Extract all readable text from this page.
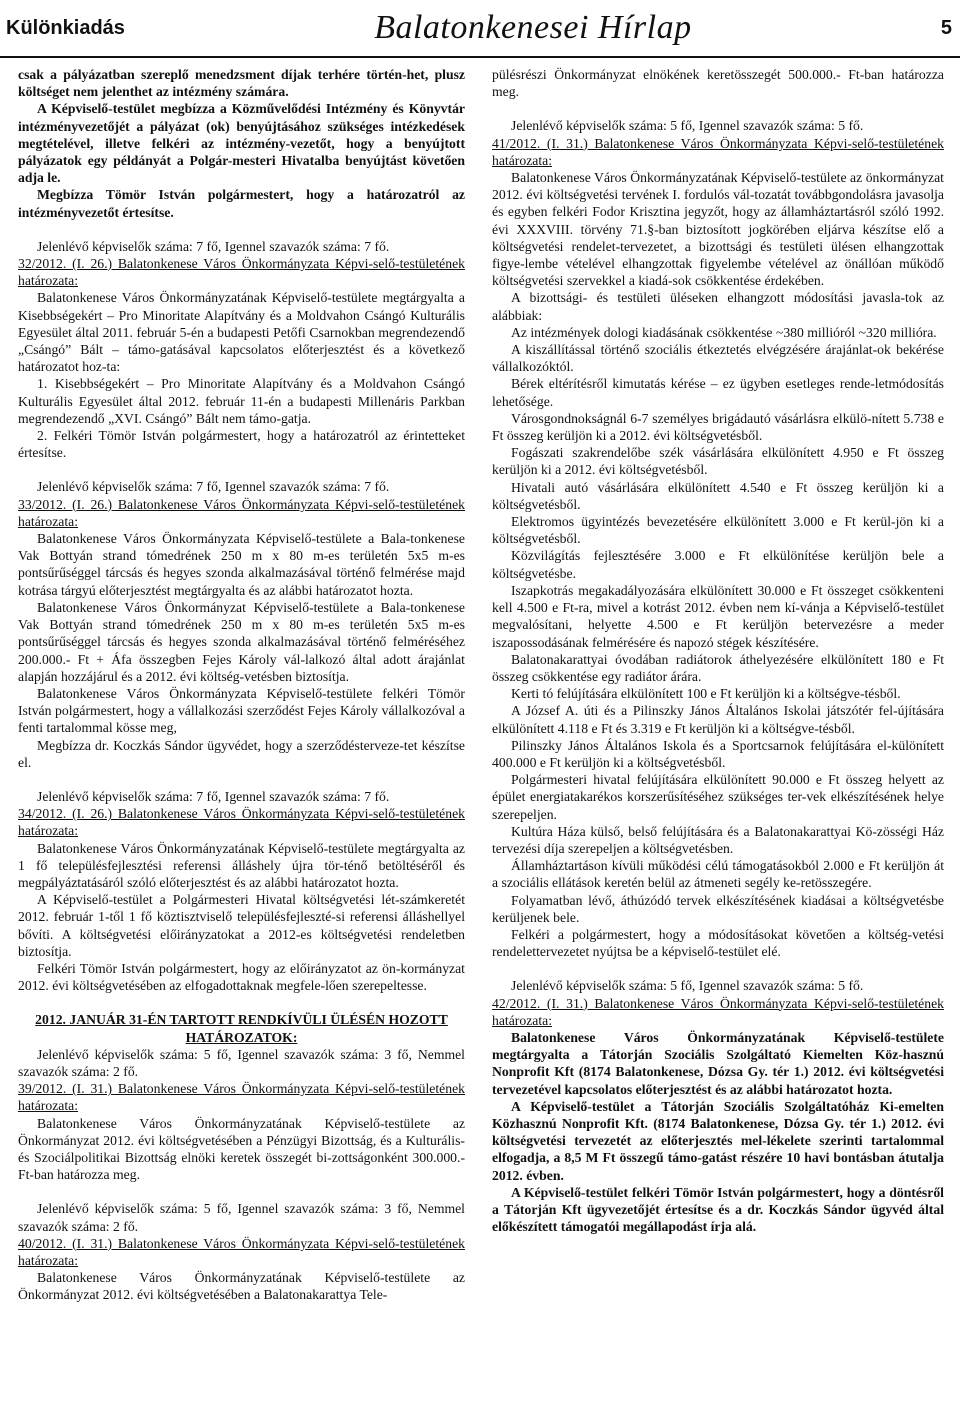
Különkiadás	Balatonkenesei Hírlap	5

csak a pályázatban szereplő menedzsment díjak terhére történ-het, plusz költséget nem jelenthet az intézmény számára.

A Képviselő-testület megbízza a Közművelődési Intézmény és Könyvtár intézményvezetőjét a pályázat (ok) benyújtásához szükséges intézkedések megtételével, illetve felkéri az intézmény-vezetőt, hogy a benyújtott pályázatok egy példányát a Polgár-mesteri Hivatalba benyújtást követően adja le.

Megbízza Tömör István polgármestert, hogy a határozatról az intézményvezetőt értesítse.

Jelenlévő képviselők száma: 7 fő, Igennel szavazók száma: 7 fő.

32/2012. (I. 26.) Balatonkenese Város Önkormányzata Képvi-selő-testületének határozata:

Balatonkenese Város Önkormányzatának Képviselő-testülete megtárgyalta a Kisebbségekért – Pro Minoritate Alapítvány és a Moldvahon Csángó Kulturális Egyesület által 2011. február 5-én a budapesti Petőfi Csarnokban megrendezendő „Csángó” Bált – támo-gatásával kapcsolatos előterjesztést és a következő határozatot hoz-ta:

1. Kisebbségekért – Pro Minoritate Alapítvány és a Moldvahon Csángó Kulturális Egyesület által 2012. február 11-én a budapesti Millenáris Parkban megrendezendő „XVI. Csángó” Bált nem támo-gatja.

2. Felkéri Tömör István polgármestert, hogy a határozatról az érintetteket értesítse.

Jelenlévő képviselők száma: 7 fő, Igennel szavazók száma: 7 fő.

33/2012. (I. 26.) Balatonkenese Város Önkormányzata Képvi-selő-testületének határozata:

Balatonkenese Város Önkormányzata Képviselő-testülete a Bala-tonkenese Vak Bottyán strand tómedrének 250 m x 80 m-es területén 5x5 m-es pontsűrűséggel tárcsás és hegyes szonda alkalmazásával történő felmérése majd kotrása tárgyú előterjesztést megtárgyalta és az alábbi határozatot hozta.

Balatonkenese Város Önkormányzat Képviselő-testülete a Bala-tonkenese Vak Bottyán strand tómedrének 250 m x 80 m-es területén 5x5 m-es pontsűrűséggel tárcsás és hegyes szonda alkalmazásával történő felméréséhez 200.000.- Ft + Áfa összegben Fejes Károly vál-lalkozó által adott árajánlat alapján hozzájárul és a 2012. évi költség-vetésben biztosítja.

Balatonkenese Város Önkormányzata Képviselő-testülete felkéri Tömör István polgármestert, hogy a vállalkozási szerződést Fejes Károly vállalkozóval a fenti tartalommal kösse meg,

Megbízza dr. Koczkás Sándor ügyvédet, hogy a szerződésterveze-tet készítse el.

Jelenlévő képviselők száma: 7 fő, Igennel szavazók száma: 7 fő.

34/2012. (I. 26.) Balatonkenese Város Önkormányzata Képvi-selő-testületének határozata:

Balatonkenese Város Önkormányzatának Képviselő-testülete megtárgyalta az 1 fő településfejlesztési referensi álláshely újra tör-ténő betöltéséről és megpályáztatásáról szóló előterjesztést és az alábbi határozatot hozta.

A Képviselő-testület a Polgármesteri Hivatal költségvetési lét-számkeretét 2012. február 1-től 1 fő köztisztviselő településfejleszté-si referensi álláshellyel bővíti. A költségvetési előirányzatokat a 2012-es költségvetési rendeletben biztosítja.

Felkéri Tömör István polgármestert, hogy az előirányzatot az ön-kormányzat 2012. évi költségvetésében az elfogadottaknak megfele-lően szerepeltesse.

2012. JANUÁR 31-ÉN TARTOTT RENDKÍVÜLI ÜLÉSÉN HOZOTT HATÁROZATOK:

Jelenlévő képviselők száma: 5 fő, Igennel szavazók száma: 3 fő, Nemmel szavazók száma: 2 fő.

39/2012. (I. 31.) Balatonkenese Város Önkormányzata Képvi-selő-testületének határozata:

Balatonkenese Város Önkormányzatának Képviselő-testülete az Önkormányzat 2012. évi költségvetésében a Pénzügyi Bizottság, és a Kulturális- és Szociálpolitikai Bizottság elnöki keretek összegét bi-zottságonként 300.000.- Ft-ban határozza meg.

Jelenlévő képviselők száma: 5 fő, Igennel szavazók száma: 3 fő, Nemmel szavazók száma: 2 fő.

40/2012. (I. 31.) Balatonkenese Város Önkormányzata Képvi-selő-testületének határozata:

Balatonkenese Város Önkormányzatának Képviselő-testülete az Önkormányzat 2012. évi költségvetésében a Balatonakarattya Tele-

pülésrészi Önkormányzat elnökének keretösszegét 500.000.- Ft-ban határozza meg.

Jelenlévő képviselők száma: 5 fő, Igennel szavazók száma: 5 fő.

41/2012. (I. 31.) Balatonkenese Város Önkormányzata Képvi-selő-testületének határozata:

Balatonkenese Város Önkormányzatának Képviselő-testülete az önkormányzat 2012. évi költségvetési tervének I. fordulós vál-tozatát továbbgondolásra javasolja és egyben felkéri Fodor Krisztina jegyzőt, hogy az államháztartásról szóló 1992. évi XXXVIII. törvény 71.§-ban biztosított jogkörében eljárva készítse elő a költségvetési rendelet-tervezetet, a bizottsági és testületi ülésen elhangzottak figye-lembe vételével elhangzottak figyelembe vételével az önállóan működő költségvetési szervekkel a kiadá-sok csökkentése érdekében.

A bizottsági- és testületi üléseken elhangzott módosítási javasla-tok az alábbiak:

Az intézmények dologi kiadásának csökkentése ~380 millióról ~320 millióra.

A kiszállítással történő szociális étkeztetés elvégzésére árajánlat-ok bekérése vállalkozóktól.

Bérek eltérítésről kimutatás kérése – ez ügyben esetleges rende-letmódosítás lehetősége.

Városgondnokságnál 6-7 személyes brigádautó vásárlásra elkülö-nített 5.738 e Ft összeg kerüljön ki a 2012. évi költségvetésből.

Fogászati szakrendelőbe szék vásárlására elkülönített 4.950 e Ft összeg kerüljön ki a 2012. évi költségvetésből.

Hivatali autó vásárlására elkülönített 4.540 e Ft összeg kerüljön ki a költségvetésből.

Elektromos ügyintézés bevezetésére elkülönített 3.000 e Ft kerül-jön ki a költségvetésből.

Közvilágítás fejlesztésére 3.000 e Ft elkülönítése kerüljön bele a költségvetésbe.

Iszapkotrás megakadályozására elkülönített 30.000 e Ft összeget csökkenteni kell 4.500 e Ft-ra, mivel a kotrást 2012. évben nem kí-vánja a Képviselő-testület megvalósítani, helyette 4.500 e Ft kerüljön betervezésre a meder iszapossodásának felmérésére és napozó stégek készítésére.

Balatonakarattyai óvodában radiátorok áthelyezésére elkülönített 180 e Ft összeg csökkentése egy radiátor árára.

Kerti tó felújítására elkülönített 100 e Ft kerüljön ki a költségve-tésből.

A József A. úti és a Pilinszky János Általános Iskolai játszótér fel-újítására elkülönített 4.118 e Ft és 3.319 e Ft kerüljön ki a költségve-tésből.

Pilinszky János Általános Iskola és a Sportcsarnok felújítására el-különített 400.000 e Ft kerüljön ki a költségvetésből.

Polgármesteri hivatal felújítására elkülönített 90.000 e Ft összeg helyett az épület energiatakarékos korszerűsítéséhez szükséges ter-vek elkészítésének helye szerepeljen.

Kultúra Háza külső, belső felújítására és a Balatonakarattyai Kö-zösségi Ház tervezési díja szerepeljen a költségvetésben.

Államháztartáson kívüli működési célú támogatásokból 2.000 e Ft kerüljön át a szociális ellátások keretén belül az átmeneti segély ke-retösszegére.

Folyamatban lévő, áthúzódó tervek elkészítésének kiadásai a költségvetésbe kerüljenek bele.

Felkéri a polgármestert, hogy a módosításokat követően a költség-vetési rendelettervezetet nyújtsa be a képviselő-testület elé.

Jelenlévő képviselők száma: 5 fő, Igennel szavazók száma: 5 fő.

42/2012. (I. 31.) Balatonkenese Város Önkormányzata Képvi-selő-testületének határozata:

Balatonkenese Város Önkormányzatának Képviselő-testülete megtárgyalta a Tátorján Szociális Szolgáltató Kiemelten Köz-hasznú Nonprofit Kft (8174 Balatonkenese, Dózsa Gy. tér 1.) 2012. évi költségvetési tervezetével kapcsolatos előterjesztést és az alábbi határozatot hozta.

A Képviselő-testület a Tátorján Szociális Szolgáltatóház Ki-emelten Közhasznú Nonprofit Kft. (8174 Balatonkenese, Dózsa Gy. tér 1.) 2012. évi költségvetési tervezetét az előterjesztés mel-lékelete szerinti tartalommal elfogadja, a 8,5 M Ft összegű támo-gatást részére 10 havi bontásban átutalja 2012. évben.

A Képviselő-testület felkéri Tömör István polgármestert, hogy a döntésről a Tátorján Kft ügyvezetőjét értesítse és a dr. Koczkás Sándor ügyvéd által előkészített támogatói megállapodást írja alá.
